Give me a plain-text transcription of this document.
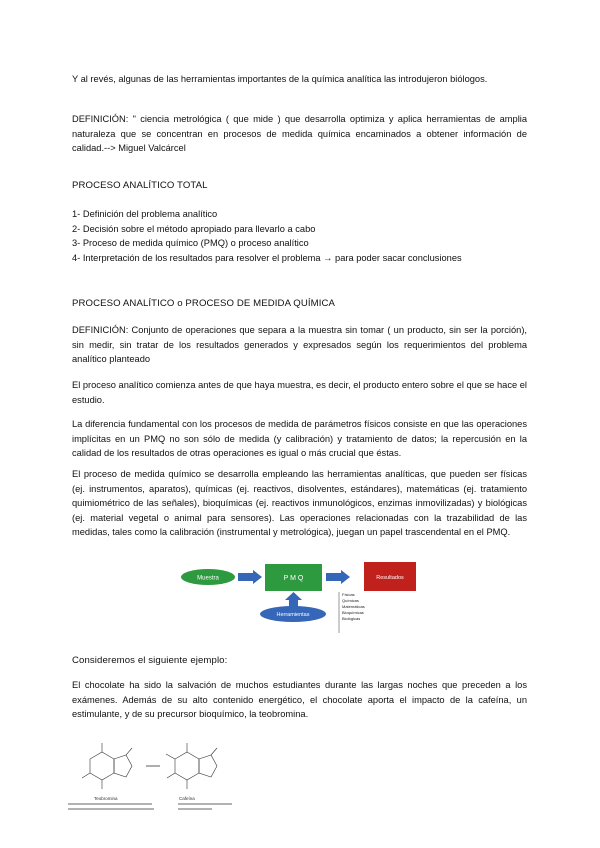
Y al revés, algunas de las herramientas importantes de la química analítica las introdujeron biólogos.

DEFINICIÓN: " ciencia metrológica ( que mide ) que desarrolla optimiza y aplica herramientas de amplia naturaleza que se concentran en procesos de medida química encaminados a obtener información de calidad.--> Miguel Valcárcel

PROCESO ANALÍTICO TOTAL

1- Definición del problema analítico
2- Decisión sobre el método apropiado para llevarlo a cabo
3- Proceso de medida químico (PMQ) o proceso analítico
4- Interpretación de los resultados para resolver el problema → para poder sacar conclusiones

PROCESO ANALÍTICO o PROCESO DE MEDIDA QUÍMICA

DEFINICIÓN: Conjunto de operaciones que separa a la muestra sin tomar ( un producto, sin ser la porción), sin medir, sin tratar de los resultados generados y expresados según los requerimientos del problema analítico planteado

El proceso analítico comienza antes de que haya muestra, es decir, el producto entero sobre el que se hace el estudio.

La diferencia fundamental con los procesos de medida de parámetros físicos consiste en que las operaciones implícitas en un PMQ no son sólo de medida (y calibración) y tratamiento de datos; la repercusión en la calidad de los resultados de otras operaciones es igual o más crucial que éstas.

El proceso de medida químico se desarrolla empleando las herramientas analíticas, que pueden ser físicas (ej. instrumentos, aparatos), químicas (ej. reactivos, disolventes, estándares), matemáticas (ej. tratamiento quimiométrico de las señales), bioquímicas (ej. reactivos inmunológicos, enzimas inmovilizadas) y biológicas (ej. material vegetal o animal para sensores). Las operaciones relacionadas con la trazabilidad de las medidas, tales como la calibración (instrumental y metrológica), juegan un papel trascendental en el PMQ.

Muestra	P M Q	Resultados
Herramientas
Físicas
Químicas
Matemáticas
Bioquímicas
Biológicas

Consideremos el siguiente ejemplo:

El chocolate ha sido la salvación de muchos estudiantes durante las largas noches que preceden a los exámenes. Además de su alto contenido energético, el chocolate aporta el impacto de la cafeína, un estimulante, y de su precursor bioquímico, la teobromina.

Teobromina	Cafeína
